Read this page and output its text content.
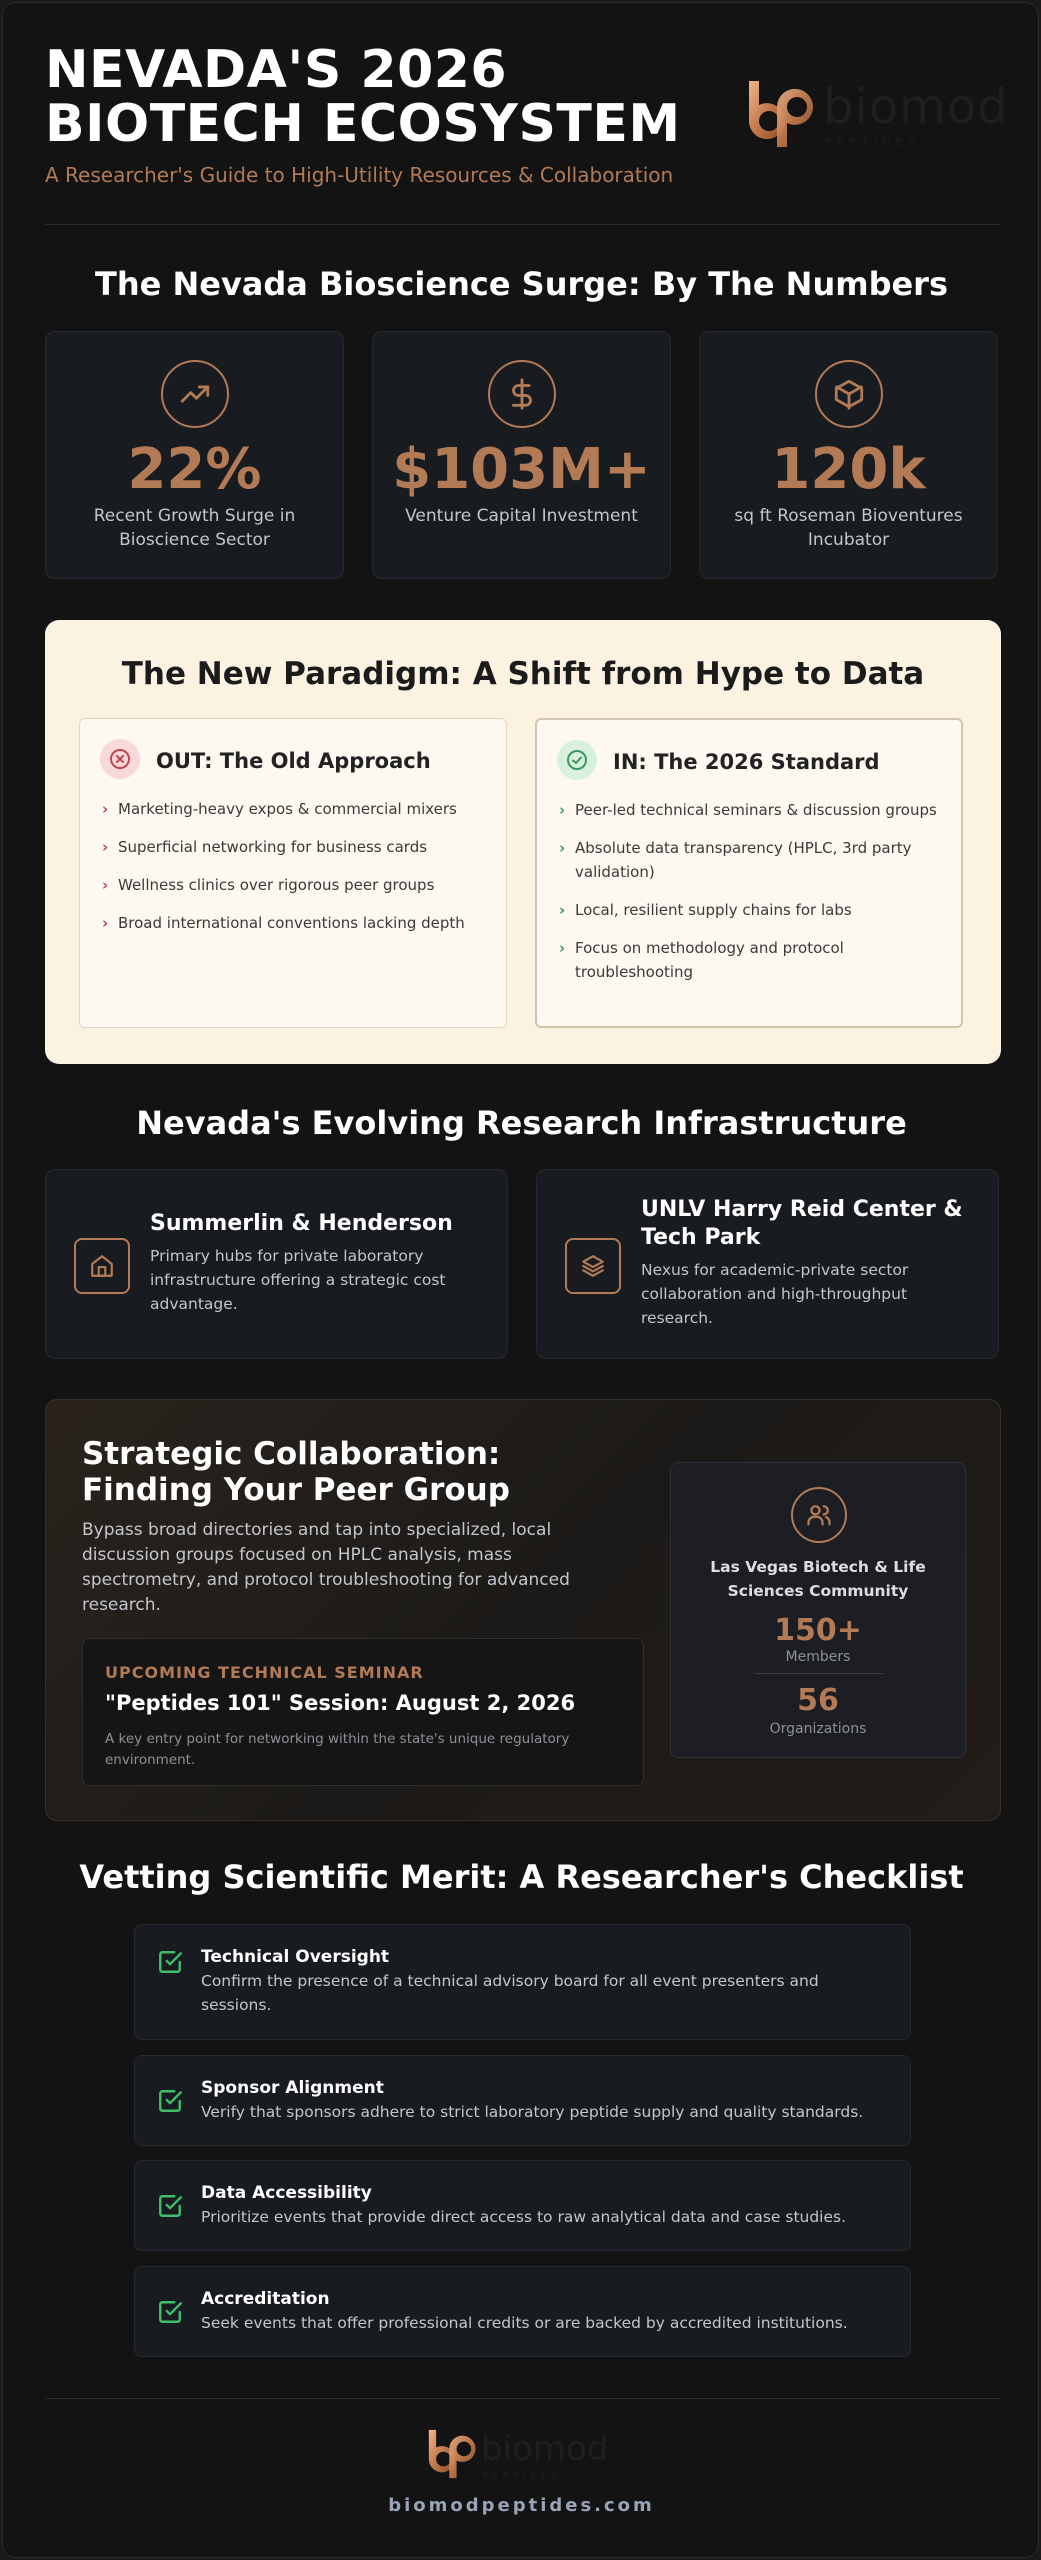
NEVADA'S 2026 BIOTECH ECOSYSTEM
A Researcher's Guide to High-Utility Resources & Collaboration
biomod
PEPTIDES
The Nevada Bioscience Surge: By The Numbers
22%
Recent Growth Surge in Bioscience Sector
$103M+
Venture Capital Investment
120k
sq ft Roseman Bioventures Incubator
The New Paradigm: A Shift from Hype to Data
OUT: The Old Approach
› Marketing-heavy expos & commercial mixers
› Superficial networking for business cards
› Wellness clinics over rigorous peer groups
› Broad international conventions lacking depth
IN: The 2026 Standard
› Peer-led technical seminars & discussion groups
› Absolute data transparency (HPLC, 3rd party validation)
› Local, resilient supply chains for labs
› Focus on methodology and protocol troubleshooting
Nevada's Evolving Research Infrastructure
Summerlin & Henderson
Primary hubs for private laboratory infrastructure offering a strategic cost advantage.
UNLV Harry Reid Center & Tech Park
Nexus for academic-private sector collaboration and high-throughput research.
Strategic Collaboration: Finding Your Peer Group
Bypass broad directories and tap into specialized, local discussion groups focused on HPLC analysis, mass spectrometry, and protocol troubleshooting for advanced research.
UPCOMING TECHNICAL SEMINAR
"Peptides 101" Session: August 2, 2026
A key entry point for networking within the state's unique regulatory environment.
Las Vegas Biotech & Life Sciences Community
150+
Members
56
Organizations
Vetting Scientific Merit: A Researcher's Checklist
Technical Oversight
Confirm the presence of a technical advisory board for all event presenters and sessions.
Sponsor Alignment
Verify that sponsors adhere to strict laboratory peptide supply and quality standards.
Data Accessibility
Prioritize events that provide direct access to raw analytical data and case studies.
Accreditation
Seek events that offer professional credits or are backed by accredited institutions.
biomod
PEPTIDES
biomodpeptides.com
